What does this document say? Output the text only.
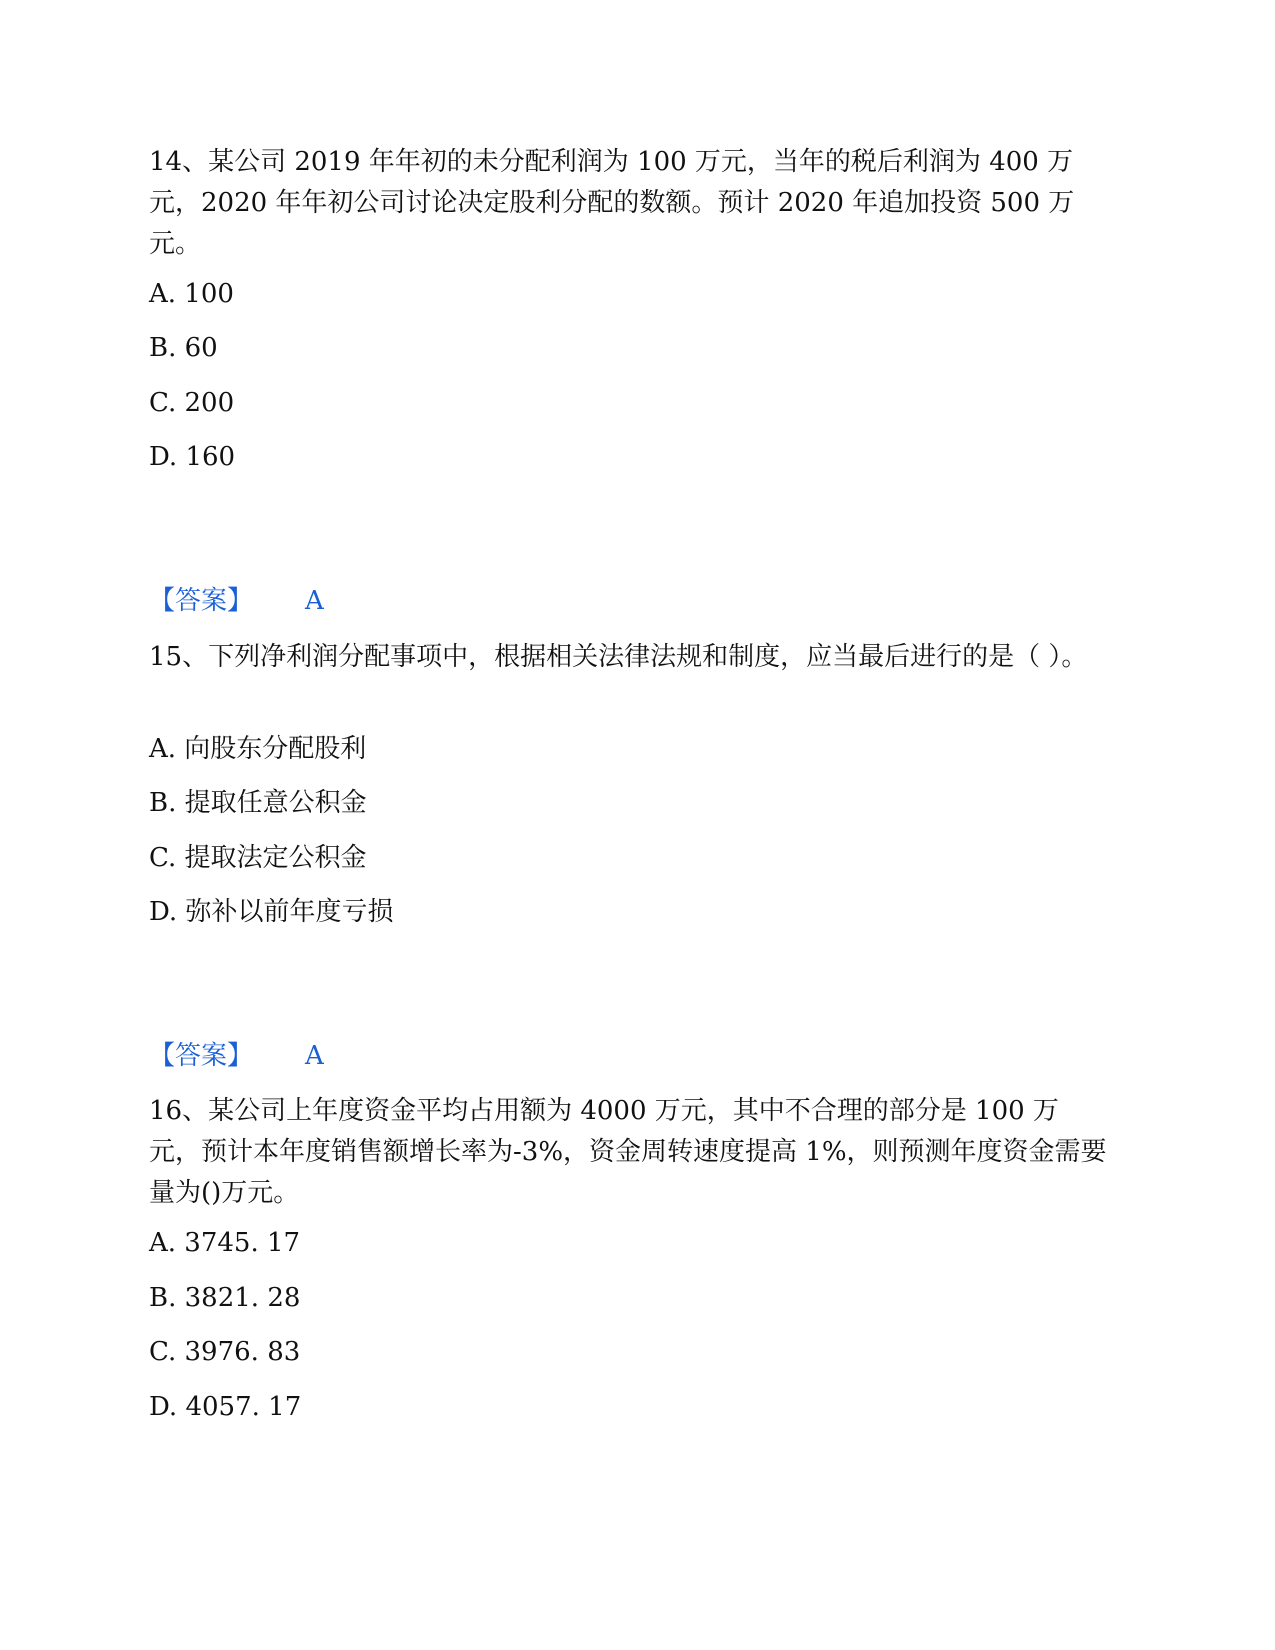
14、某公司 2019 年年初的未分配利润为 100 万元，当年的税后利润为 400 万元，2020 年年初公司讨论决定股利分配的数额。预计 2020 年追加投资 500 万元。

A. 100

B. 60

C. 200

D. 160

【答案】 A

15、下列净利润分配事项中，根据相关法律法规和制度，应当最后进行的是（ ）。

A. 向股东分配股利

B. 提取任意公积金

C. 提取法定公积金

D. 弥补以前年度亏损

【答案】 A

16、某公司上年度资金平均占用额为 4000 万元，其中不合理的部分是 100 万元，预计本年度销售额增长率为-3%，资金周转速度提高 1%，则预测年度资金需要量为()万元。

A. 3745. 17

B. 3821. 28

C. 3976. 83

D. 4057. 17
